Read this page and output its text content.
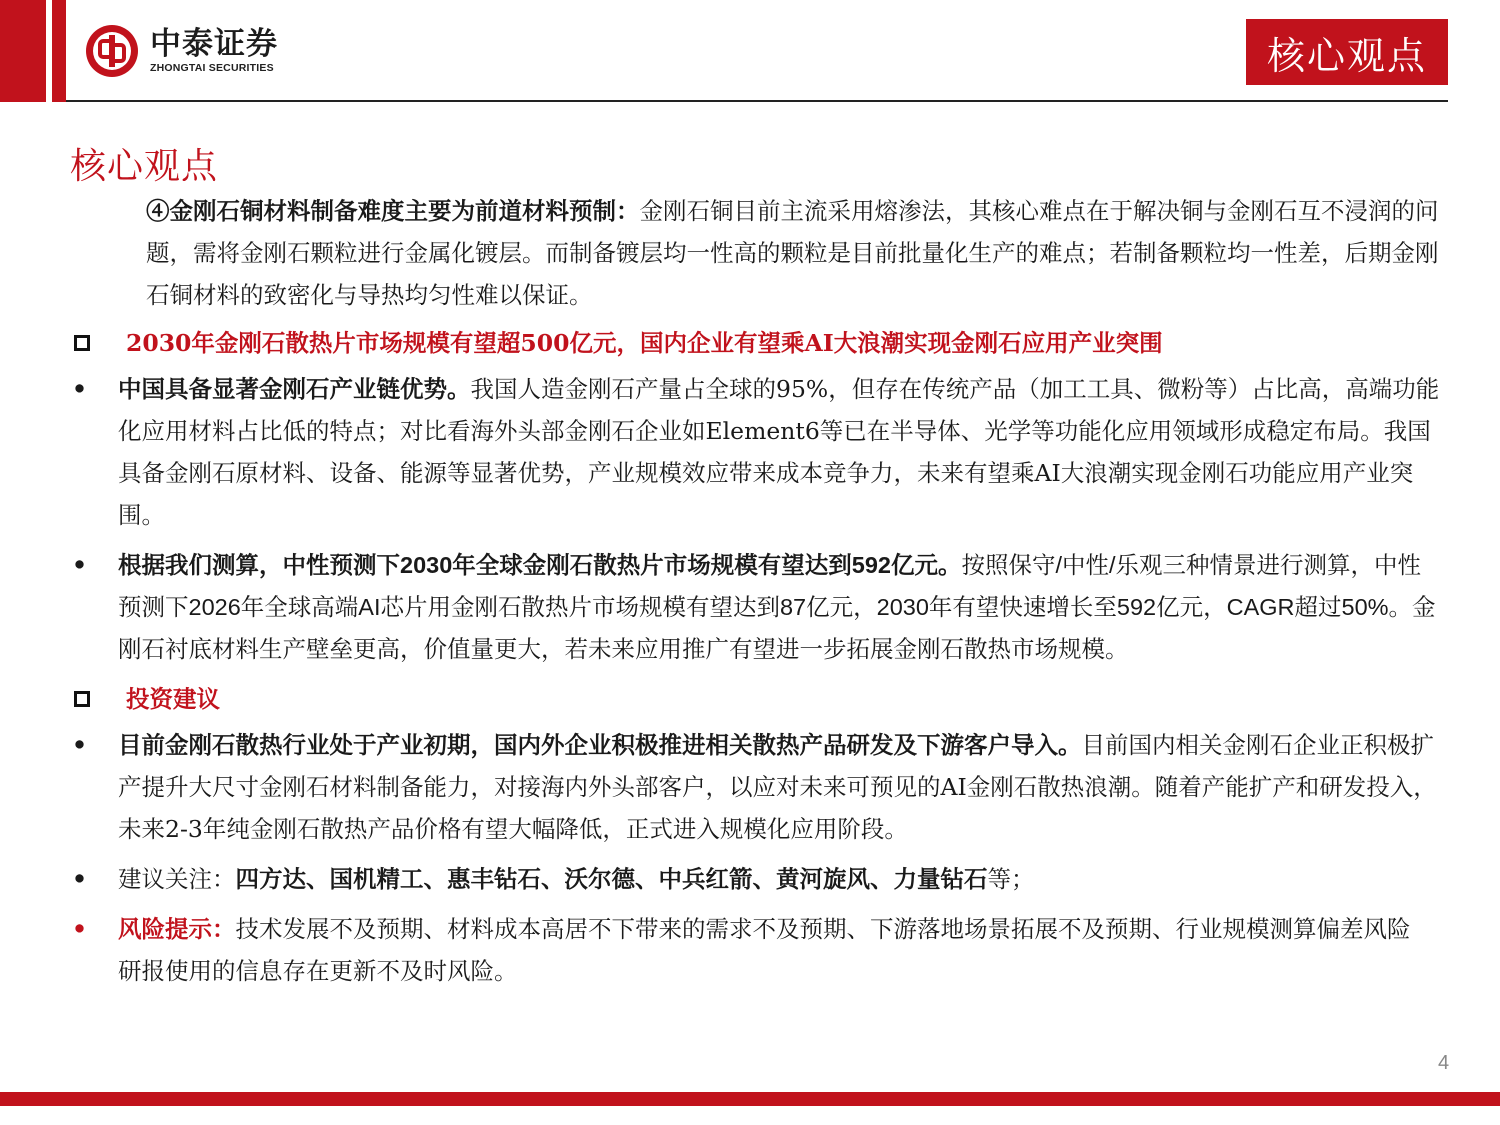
中泰证券
ZHONGTAI SECURITIES	核心观点
核心观点

④金刚石铜材料制备难度主要为前道材料预制：金刚石铜目前主流采用熔渗法，其核心难点在于解决铜与金刚石互不浸润的问题，需将金刚石颗粒进行金属化镀层。而制备镀层均一性高的颗粒是目前批量化生产的难点；若制备颗粒均一性差，后期金刚石铜材料的致密化与导热均匀性难以保证。

2030年金刚石散热片市场规模有望超500亿元，国内企业有望乘AI大浪潮实现金刚石应用产业突围
•	中国具备显著金刚石产业链优势。我国人造金刚石产量占全球的95%，但存在传统产品（加工工具、微粉等）占比高，高端功能化应用材料占比低的特点；对比看海外头部金刚石企业如Element6等已在半导体、光学等功能化应用领域形成稳定布局。我国具备金刚石原材料、设备、能源等显著优势，产业规模效应带来成本竞争力，未来有望乘AI大浪潮实现金刚石功能应用产业突围。
•	根据我们测算，中性预测下2030年全球金刚石散热片市场规模有望达到592亿元。按照保守/中性/乐观三种情景进行测算，中性预测下2026年全球高端AI芯片用金刚石散热片市场规模有望达到87亿元，2030年有望快速增长至592亿元，CAGR超过50%。金刚石衬底材料生产壁垒更高，价值量更大，若未来应用推广有望进一步拓展金刚石散热市场规模。
投资建议
•	目前金刚石散热行业处于产业初期，国内外企业积极推进相关散热产品研发及下游客户导入。目前国内相关金刚石企业正积极扩产提升大尺寸金刚石材料制备能力，对接海内外头部客户，以应对未来可预见的AI金刚石散热浪潮。随着产能扩产和研发投入，未来2-3年纯金刚石散热产品价格有望大幅降低，正式进入规模化应用阶段。
•	建议关注：四方达、国机精工、惠丰钻石、沃尔德、中兵红箭、黄河旋风、力量钻石等；
•	风险提示：技术发展不及预期、材料成本高居不下带来的需求不及预期、下游落地场景拓展不及预期、行业规模测算偏差风险 研报使用的信息存在更新不及时风险。
4
